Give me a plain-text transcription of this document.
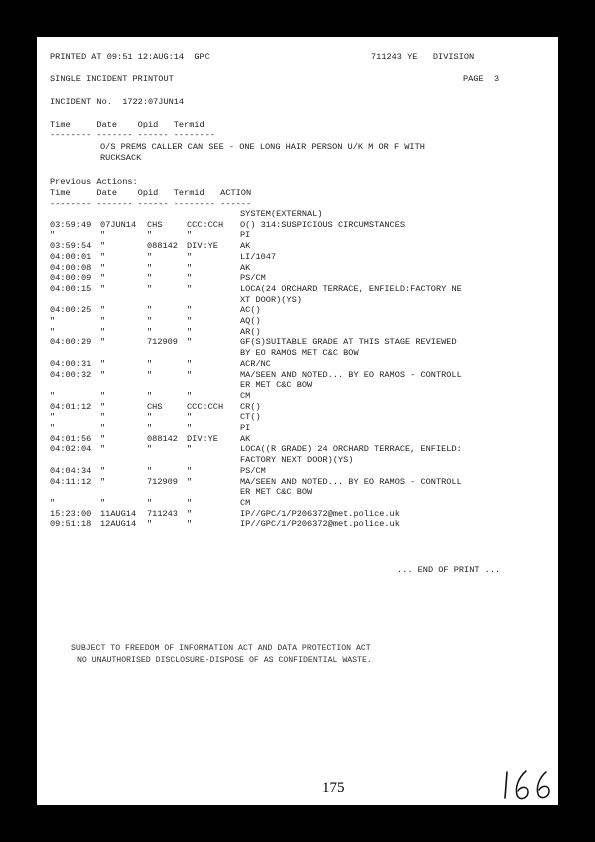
PRINTED AT 09:51 12:AUG:14  GPC	711243 YE   DIVISION
SINGLE INCIDENT PRINTOUT	PAGE  3
INCIDENT No.  1722:07JUN14
Time     Date    Opid   Termid
-------- ------- ------ --------
O/S PREMS CALLER CAN SEE - ONE LONG HAIR PERSON U/K M OR F WITH
RUCKSACK
Previous Actions:
Time     Date    Opid   Termid   ACTION
-------- ------- ------ -------- ------
SYSTEM(EXTERNAL)
03:59:49 07JUN14 CHS	CCC:CCH O() 314:SUSPICIOUS CIRCUMSTANCES
"	"	"	"	PI
03:59:54 "	088142 DIV:YE	AK
04:00:01 "	"	"	LI/1047
04:00:08 "	"	"	AK
04:00:09 "	"	"	PS/CM
04:00:15 "	"	"	LOCA(24 ORCHARD TERRACE, ENFIELD:FACTORY NE
XT DOOR)(YS)
04:00:25 "	"	"	AC()
"	"	"	"	AQ()
"	"	"	"	AR()
04:00:29 "	712909 "	GF(S)SUITABLE GRADE AT THIS STAGE REVIEWED
BY EO RAMOS MET C&C BOW
04:00:31 "	"	"	ACR/NC
04:00:32 "	"	"	MA/SEEN AND NOTED... BY EO RAMOS - CONTROLL
ER MET C&C BOW
"	"	"	"	CM
04:01:12 "	CHS	CCC:CCH CR()
"	"	"	"	CT()
"	"	"	"	PI
04:01:56 "	088142 DIV:YE	AK
04:02:04 "	"	"	LOCA((R GRADE) 24 ORCHARD TERRACE, ENFIELD:
FACTORY NEXT DOOR)(YS)
04:04:34 "	"	"	PS/CM
04:11:12 "	712909 "	MA/SEEN AND NOTED... BY EO RAMOS - CONTROLL
ER MET C&C BOW
"	"	"	"	CM
15:23:00 11AUG14 711243 "	IP//GPC/1/P206372@met.police.uk
09:51:18 12AUG14 "	"	IP//GPC/1/P206372@met.police.uk
... END OF PRINT ...
SUBJECT TO FREEDOM OF INFORMATION ACT AND DATA PROTECTION ACT
NO UNAUTHORISED DISCLOSURE-DISPOSE OF AS CONFIDENTIAL WASTE.
175
